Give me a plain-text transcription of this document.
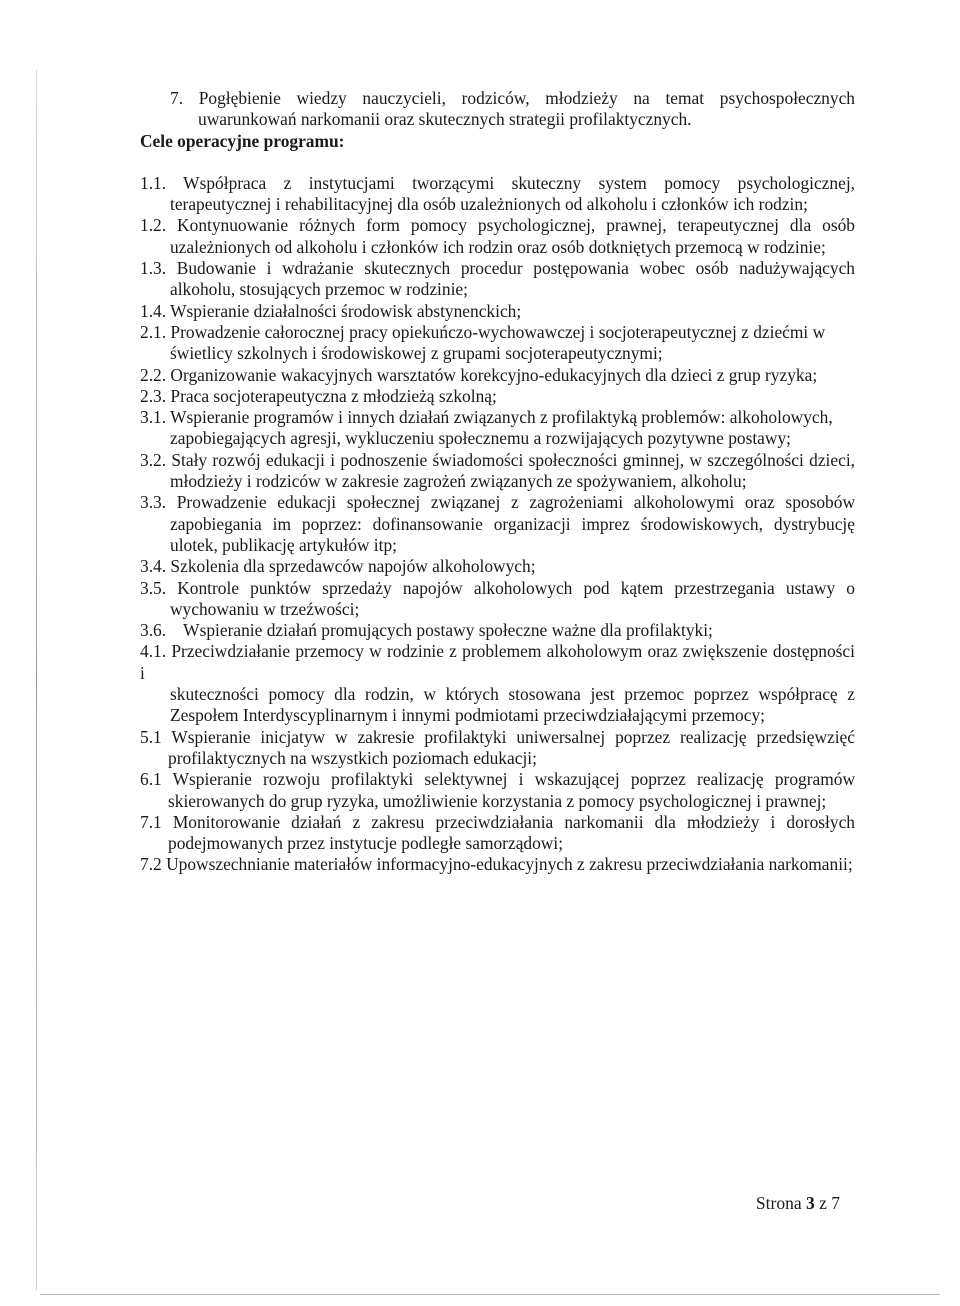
7. Pogłębienie wiedzy nauczycieli, rodziców, młodzieży na temat psychospołecznych uwarunkowań narkomanii oraz skutecznych strategii profilaktycznych.

Cele operacyjne programu:

1.1. Współpraca z instytucjami tworzącymi skuteczny system pomocy psychologicznej, terapeutycznej i rehabilitacyjnej dla osób uzależnionych od alkoholu i członków ich rodzin;

1.2. Kontynuowanie różnych form pomocy psychologicznej, prawnej, terapeutycznej dla osób uzależnionych od alkoholu i członków ich rodzin oraz osób dotkniętych przemocą w rodzinie;

1.3. Budowanie i wdrażanie skutecznych procedur postępowania wobec osób nadużywających alkoholu, stosujących przemoc w rodzinie;

1.4. Wspieranie działalności środowisk abstynenckich;

2.1. Prowadzenie całorocznej pracy opiekuńczo-wychowawczej i socjoterapeutycznej z dziećmi w

świetlicy szkolnych i środowiskowej z grupami socjoterapeutycznymi;

2.2. Organizowanie wakacyjnych warsztatów korekcyjno-edukacyjnych dla dzieci z grup ryzyka;

2.3. Praca socjoterapeutyczna z młodzieżą szkolną;

3.1. Wspieranie programów i innych działań związanych z profilaktyką problemów: alkoholowych,

zapobiegających agresji, wykluczeniu społecznemu a rozwijających pozytywne postawy;

3.2. Stały rozwój edukacji i podnoszenie świadomości społeczności gminnej, w szczególności dzieci, młodzieży i rodziców w zakresie zagrożeń związanych ze spożywaniem, alkoholu;

3.3. Prowadzenie edukacji społecznej związanej z zagrożeniami alkoholowymi oraz sposobów zapobiegania im poprzez: dofinansowanie organizacji imprez środowiskowych, dystrybucję ulotek, publikację artykułów itp;

3.4. Szkolenia dla sprzedawców napojów alkoholowych;

3.5. Kontrole punktów sprzedaży napojów alkoholowych pod kątem przestrzegania ustawy o wychowaniu w trzeźwości;

3.6.    Wspieranie działań promujących postawy społeczne ważne dla profilaktyki;

4.1. Przeciwdziałanie przemocy w rodzinie z problemem alkoholowym oraz zwiększenie dostępności i

skuteczności pomocy dla rodzin, w których stosowana jest przemoc poprzez współpracę z Zespołem Interdyscyplinarnym i innymi podmiotami przeciwdziałającymi przemocy;

5.1 Wspieranie inicjatyw w zakresie profilaktyki uniwersalnej poprzez realizację przedsięwzięć profilaktycznych na wszystkich poziomach edukacji;

6.1 Wspieranie rozwoju profilaktyki selektywnej i wskazującej poprzez realizację programów skierowanych do grup ryzyka, umożliwienie korzystania z pomocy psychologicznej i prawnej;

7.1 Monitorowanie działań z zakresu przeciwdziałania narkomanii dla młodzieży i dorosłych podejmowanych przez instytucje podległe samorządowi;

7.2 Upowszechnianie materiałów informacyjno-edukacyjnych z zakresu przeciwdziałania narkomanii;

Strona 3 z 7
